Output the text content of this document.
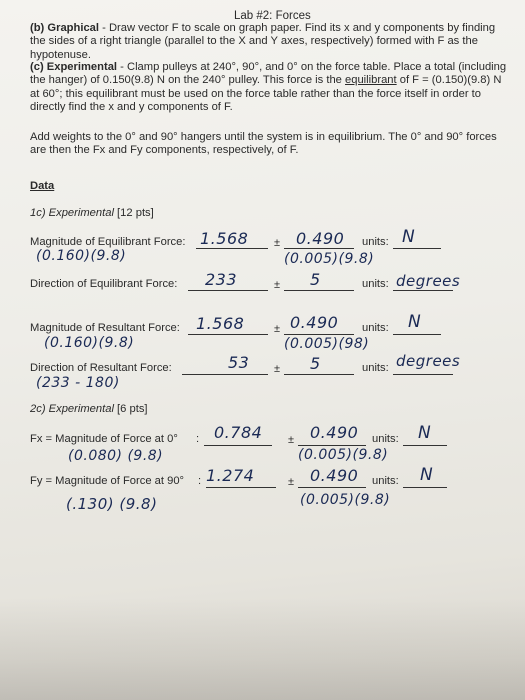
Lab #2: Forces
(b) Graphical - Draw vector F to scale on graph paper. Find its x and y components by finding the sides of a right triangle (parallel to the X and Y axes, respectively) formed with F as the hypotenuse.
(c) Experimental - Clamp pulleys at 240°, 90°, and 0° on the force table. Place a total (including the hanger) of 0.150(9.8) N on the 240° pulley. This force is the equilibrant of F = (0.150)(9.8) N at 60°; this equilibrant must be used on the force table rather than the force itself in order to directly find the x and y components of F.
Add weights to the 0° and 90° hangers until the system is in equilibrium. The 0° and 90° forces are then the Fx and Fy components, respectively, of F.
Data
1c) Experimental [12 pts]
Magnitude of Equilibrant Force: 1.568 ± 0.490 units: N
(0.160)(9.8)	(0.005)(9.8)
Direction of Equilibrant Force: 233	± 5	units: degrees
Magnitude of Resultant Force: 1.568	± 0.490 units: N
(0.160)(9.8)	(0.005)(98)
Direction of Resultant Force:	53 ± 5	units: degrees
(233 - 180)
2c) Experimental [6 pts]
Fx = Magnitude of Force at 0° : 0.784 ± 0.490 units: N
(0.080) (9.8)	(0.005)(9.8)
Fy = Magnitude of Force at 90° : 1.274	± 0.490 units: N
(.130) (9.8)	(0.005)(9.8)
